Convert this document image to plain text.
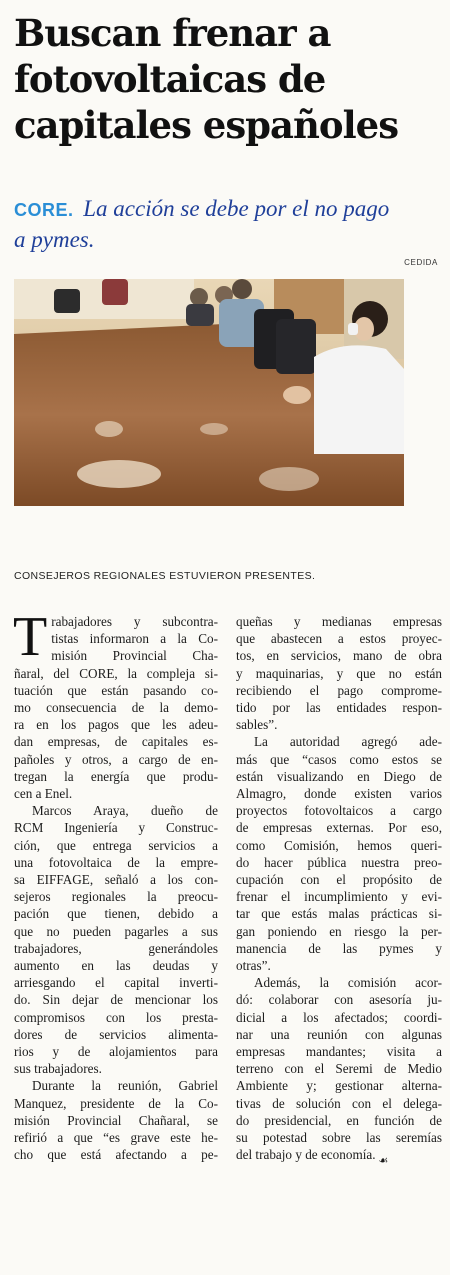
Buscan frenar a
fotovoltaicas de
capitales españoles
CORE. La acción se debe por el no pago
a pymes.
CEDIDA
CONSEJEROS REGIONALES ESTUVIERON PRESENTES.
T rabajadores y subcontra-
tistas informaron a la Co-
misión Provincial Cha-
ñaral, del CORE, la compleja si-
tuación que están pasando co-
mo consecuencia de la demo-
ra en los pagos que les adeu-
dan empresas, de capitales es-
pañoles y otros, a cargo de en-
tregan la energía que produ-
cen a Enel.
Marcos Araya, dueño de
RCM Ingeniería y Construc-
ción, que entrega servicios a
una fotovoltaica de la empre-
sa EIFFAGE, señaló a los con-
sejeros regionales la preocu-
pación que tienen, debido a
que no pueden pagarles a sus
trabajadores, generándoles
aumento en las deudas y
arriesgando el capital inverti-
do. Sin dejar de mencionar los
compromisos con los presta-
dores de servicios alimenta-
rios y de alojamientos para
sus trabajadores.
Durante la reunión, Gabriel
Manquez, presidente de la Co-
misión Provincial Chañaral, se
refirió a que “es grave este he-
cho que está afectando a pe-
queñas y medianas empresas
que abastecen a estos proyec-
tos, en servicios, mano de obra
y maquinarias, y que no están
recibiendo el pago comprome-
tido por las entidades respon-
sables”.
La autoridad agregó ade-
más que “casos como estos se
están visualizando en Diego de
Almagro, donde existen varios
proyectos fotovoltaicos a cargo
de empresas externas. Por eso,
como Comisión, hemos queri-
do hacer pública nuestra preo-
cupación con el propósito de
frenar el incumplimiento y evi-
tar que estás malas prácticas si-
gan poniendo en riesgo la per-
manencia de las pymes y
otras”.
Además, la comisión acor-
dó: colaborar con asesoría ju-
dicial a los afectados; coordi-
nar una reunión con algunas
empresas mandantes; visita a
terreno con el Seremi de Medio
Ambiente y; gestionar alterna-
tivas de solución con el delega-
do presidencial, en función de
su potestad sobre las seremías
del trabajo y de economía. ☙
